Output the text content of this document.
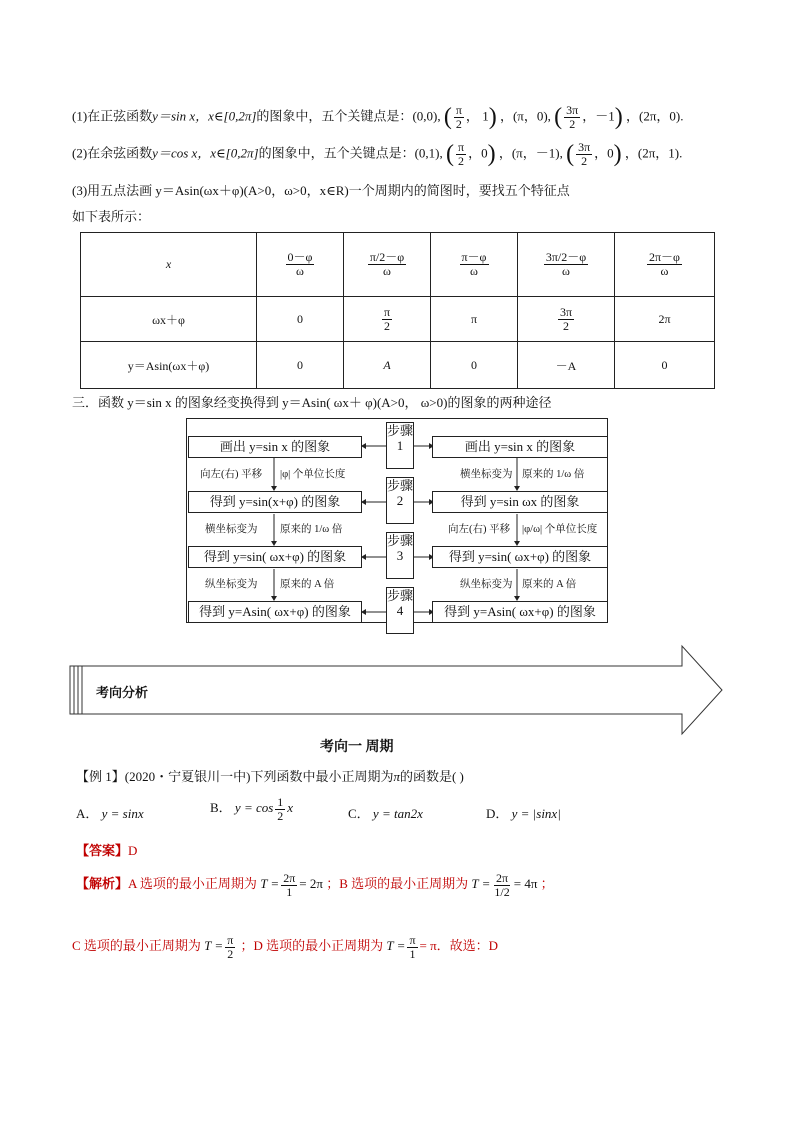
(1)在正弦函数y＝sin x，x∈[0,2π]的图象中，五个关键点是：(0,0), ( $\frac{\pi}{2}$ ， 1) ，(π，0), ( $\frac{3\pi}{2}$ ，－1) ，(2π，0).
(2)在余弦函数y＝cos x，x∈[0,2π]的图象中，五个关键点是：(0,1), ( $\frac{\pi}{2}$ ，0) ，(π，－1), ( $\frac{3\pi}{2}$ ，0) ，(2π，1).
(3)用五点法画 y＝Asin(ωx＋φ)(A>0，ω>0，x∈R)一个周期内的简图时，要找五个特征点
如下表所示：
x	$\frac{0-\varphi}{\omega}$	$\frac{\pi/2-\varphi}{\omega}$	$\frac{\pi-\varphi}{\omega}$	$\frac{3\pi/2-\varphi}{\omega}$	$\frac{2\pi-\varphi}{\omega}$

ωx＋φ	0	$\frac{\pi}{2}$	π	$\frac{3\pi}{2}$	2π
y＝Asin(ωx＋φ)	0	A	0	－A	0
三．函数 y＝sin x 的图象经变换得到 y＝Asin( ωx＋ φ)(A>0， ω>0)的图象的两种途径
画出 y=sin x 的图象
得到 y=sin(x+φ) 的图象
得到 y=sin( ωx+φ) 的图象
得到 y=Asin( ωx+φ) 的图象
画出 y=sin x 的图象
得到 y=sin ωx 的图象
得到 y=sin( ωx+φ) 的图象
得到 y=Asin( ωx+φ) 的图象
步骤1
步骤2
步骤3
步骤4
向左(右) 平移 |φ| 个单位长度
横坐标变为 原来的 1/ω 倍
纵坐标变为 原来的 A 倍
横坐标变为 原来的 1/ω 倍
向左(右) 平移 |φ/ω| 个单位长度
纵坐标变为 原来的 A 倍
考向分析
考向一 周期
【例 1】(2020・宁夏银川一中)下列函数中最小正周期为π的函数是( )
A． y = sinx	B． $y = \cos \frac{1}{2}$ x	C． y = tan2x	D． y = |sinx|
【答案】D
【解析】A 选项的最小正周期为 $T = \frac{2\pi}{1} = 2\pi$ ；B 选项的最小正周期为 $T = \frac{2\pi}{1/2} = 4\pi$ ；
C 选项的最小正周期为 $T = \frac{\pi}{2}$ ；D 选项的最小正周期为 $T = \frac{\pi}{1} = \pi$．故选：D
